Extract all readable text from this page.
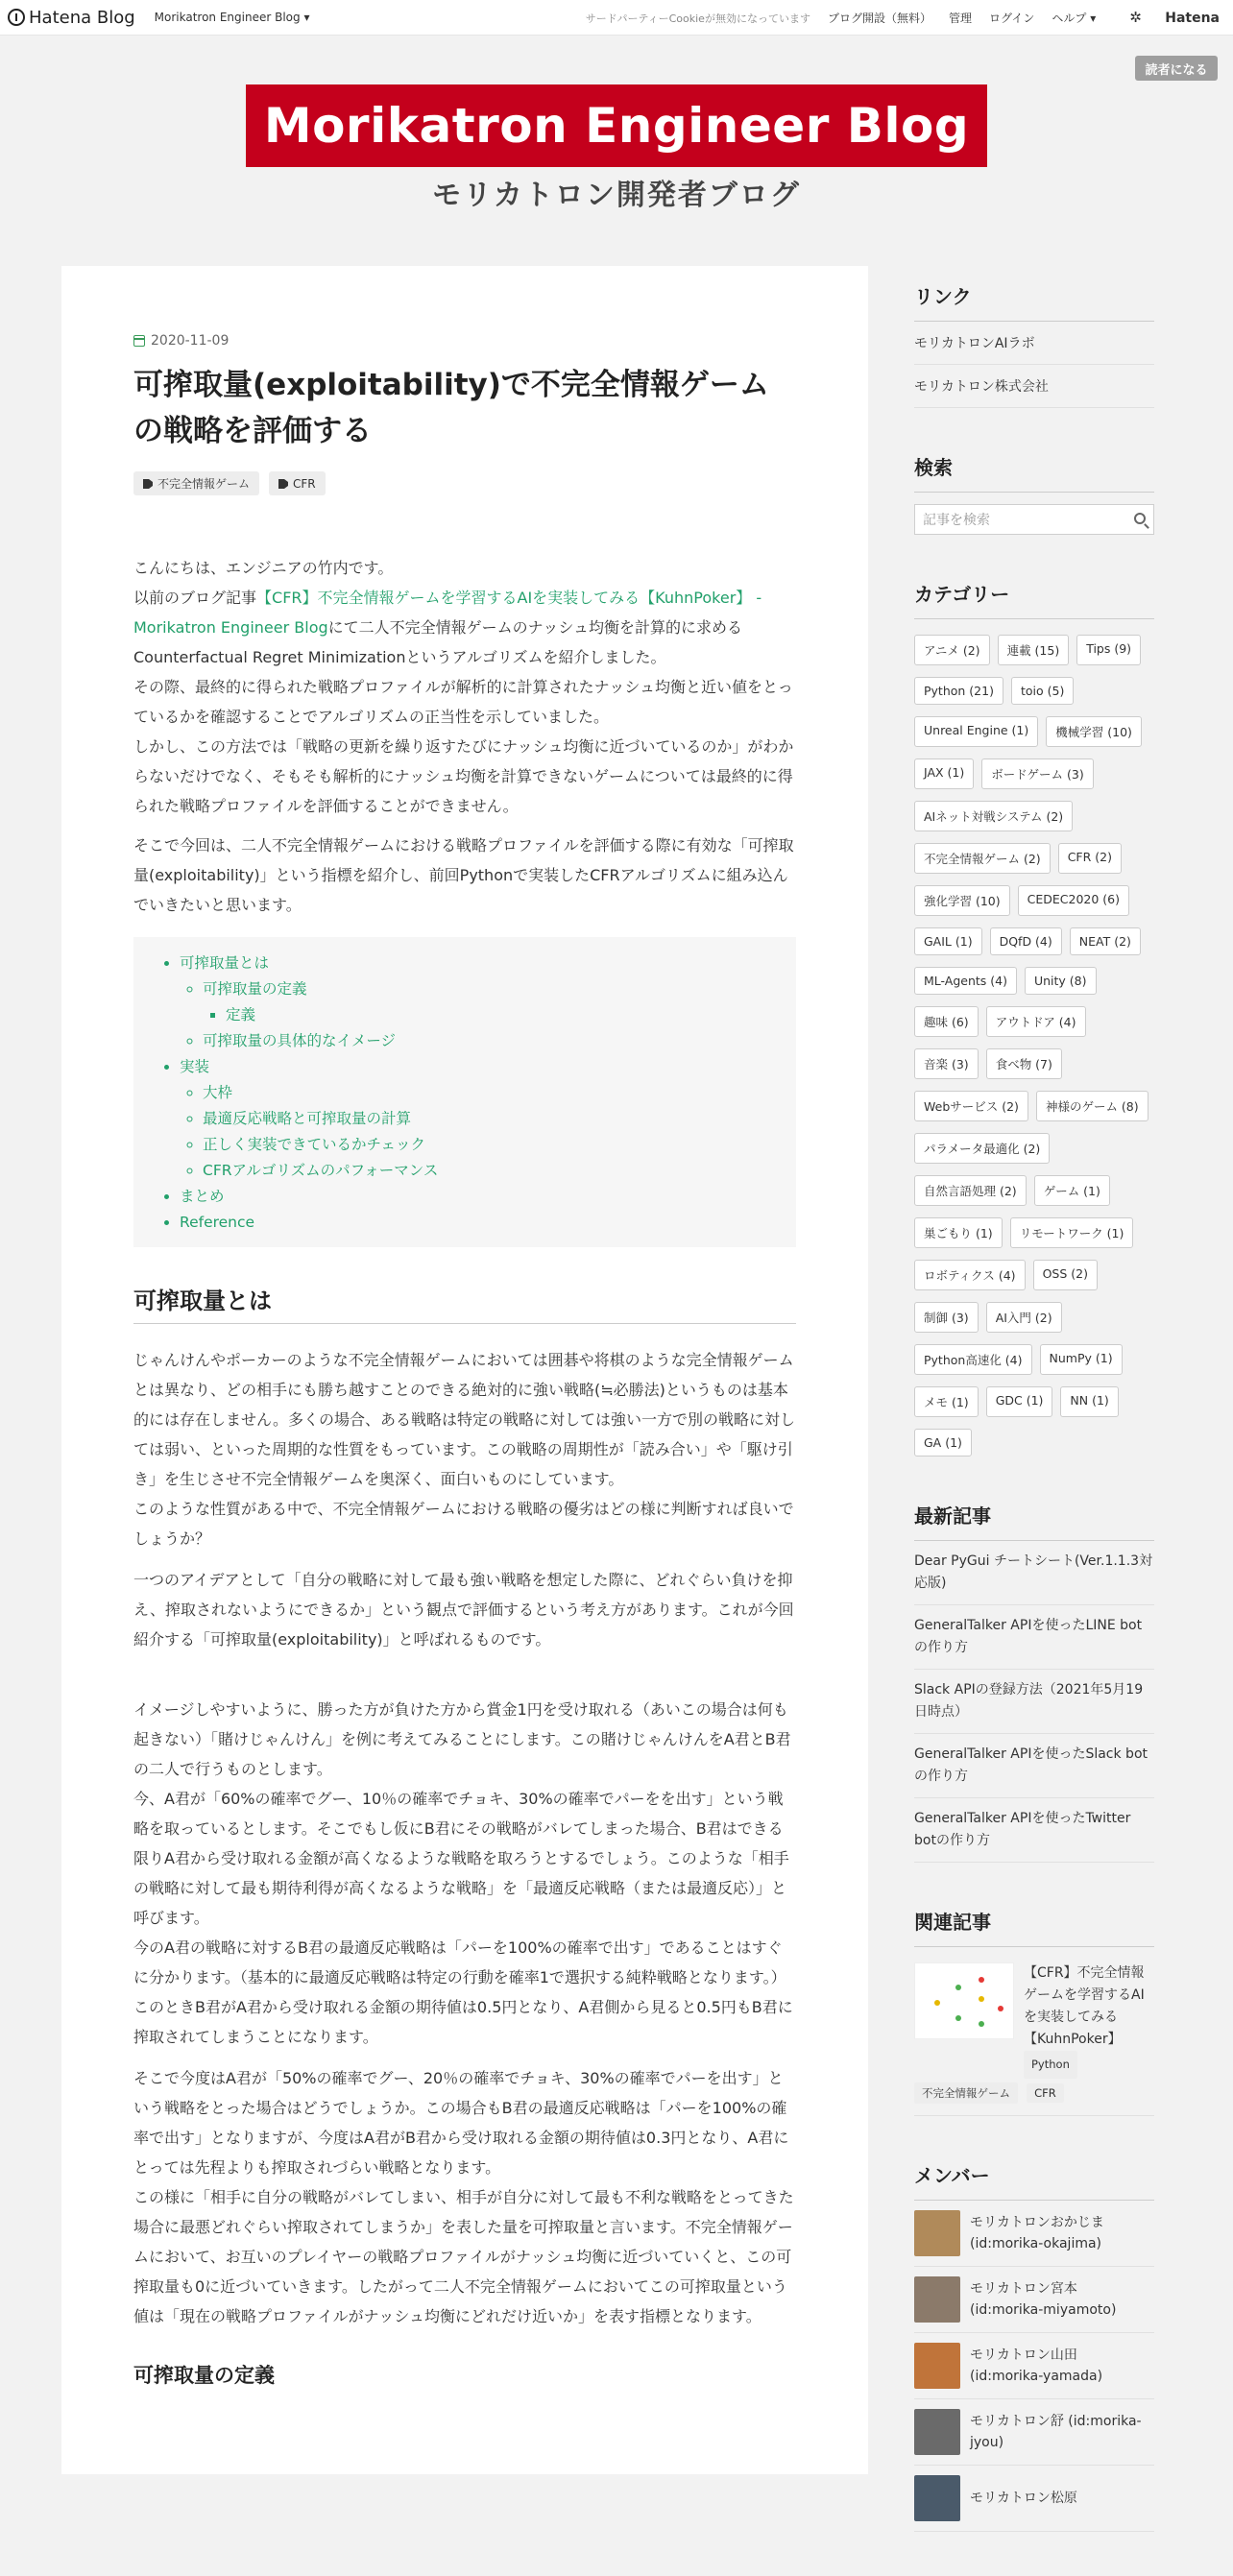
Hatena Blog Morikatron Engineer Blog ▾	サードパーティーCookieが無効になっています ブログ開設（無料） 管理 ログイン ヘルプ ▾
✲	Hatena
読者になる
Morikatron Engineer Blog
モリカトロン開発者ブログ
2020-11-09
可搾取量(exploitability)で不完全情報ゲームの戦略を評価する
不完全情報ゲーム	CFR
こんにちは、エンジニアの竹内です。
以前のブログ記事【CFR】不完全情報ゲームを学習するAIを実装してみる【KuhnPoker】 - Morikatron Engineer Blogにて二人不完全情報ゲームのナッシュ均衡を計算的に求めるCounterfactual Regret Minimizationというアルゴリズムを紹介しました。
その際、最終的に得られた戦略プロファイルが解析的に計算されたナッシュ均衡と近い値をとっているかを確認することでアルゴリズムの正当性を示していました。
しかし、この方法では「戦略の更新を繰り返すたびにナッシュ均衡に近づいているのか」がわからないだけでなく、そもそも解析的にナッシュ均衡を計算できないゲームについては最終的に得られた戦略プロファイルを評価することができません。
そこで今回は、二人不完全情報ゲームにおける戦略プロファイルを評価する際に有効な「可搾取量(exploitability)」という指標を紹介し、前回Pythonで実装したCFRアルゴリズムに組み込んでいきたいと思います。
• 可搾取量とは
◦ 可搾取量の定義
▪ 定義
◦ 可搾取量の具体的なイメージ
• 実装
◦ 大枠
◦ 最適反応戦略と可搾取量の計算
◦ 正しく実装できているかチェック
◦ CFRアルゴリズムのパフォーマンス
• まとめ
• Reference
可搾取量とは
じゃんけんやポーカーのような不完全情報ゲームにおいては囲碁や将棋のような完全情報ゲームとは異なり、どの相手にも勝ち越すことのできる絶対的に強い戦略(≒必勝法)というものは基本的には存在しません。多くの場合、ある戦略は特定の戦略に対しては強い一方で別の戦略に対しては弱い、といった周期的な性質をもっています。この戦略の周期性が「読み合い」や「駆け引き」を生じさせ不完全情報ゲームを奥深く、面白いものにしています。
このような性質がある中で、不完全情報ゲームにおける戦略の優劣はどの様に判断すれば良いでしょうか？
一つのアイデアとして「自分の戦略に対して最も強い戦略を想定した際に、どれぐらい負けを抑え、搾取されないようにできるか」という観点で評価するという考え方があります。これが今回紹介する「可搾取量(exploitability)」と呼ばれるものです。
イメージしやすいように、勝った方が負けた方から賞金1円を受け取れる（あいこの場合は何も起きない）「賭けじゃんけん」を例に考えてみることにします。この賭けじゃんけんをA君とB君の二人で行うものとします。
今、A君が「60%の確率でグー、10％の確率でチョキ、30%の確率でパーをを出す」という戦略を取っているとします。そこでもし仮にB君にその戦略がバレてしまった場合、B君はできる限りA君から受け取れる金額が高くなるような戦略を取ろうとするでしょう。このような「相手の戦略に対して最も期待利得が高くなるような戦略」を「最適反応戦略（または最適反応）」と呼びます。
今のA君の戦略に対するB君の最適反応戦略は「パーを100%の確率で出す」であることはすぐに分かります。（基本的に最適反応戦略は特定の行動を確率1で選択する純粋戦略となります。）このときB君がA君から受け取れる金額の期待値は0.5円となり、A君側から見ると0.5円もB君に搾取されてしまうことになります。
そこで今度はA君が「50%の確率でグー、20％の確率でチョキ、30%の確率でパーを出す」という戦略をとった場合はどうでしょうか。この場合もB君の最適反応戦略は「パーを100%の確率で出す」となりますが、今度はA君がB君から受け取れる金額の期待値は0.3円となり、A君にとっては先程よりも搾取されづらい戦略となります。
この様に「相手に自分の戦略がバレてしまい、相手が自分に対して最も不利な戦略をとってきた場合に最悪どれぐらい搾取されてしまうか」を表した量を可搾取量と言います。不完全情報ゲームにおいて、お互いのプレイヤーの戦略プロファイルがナッシュ均衡に近づいていくと、この可搾取量も0に近づいていきます。したがって二人不完全情報ゲームにおいてこの可搾取量という値は「現在の戦略プロファイルがナッシュ均衡にどれだけ近いか」を表す指標となります。
可搾取量の定義
リンク
モリカトロンAIラボ
モリカトロン株式会社
検索
記事を検索
カテゴリー
アニメ (2)	連載 (15)	Tips (9)
Python (21)	toio (5)
Unreal Engine (1)	機械学習 (10)
JAX (1)	ボードゲーム (3)
AIネット対戦システム (2)
不完全情報ゲーム (2)	CFR (2)
強化学習 (10)	CEDEC2020 (6)
GAIL (1)	DQfD (4)	NEAT (2)
ML-Agents (4)	Unity (8)
趣味 (6)	アウトドア (4)
音楽 (3)	食べ物 (7)
Webサービス (2)	神様のゲーム (8)
パラメータ最適化 (2)
自然言語処理 (2)	ゲーム (1)
巣ごもり (1)	リモートワーク (1)
ロボティクス (4)	OSS (2)
制御 (3)	AI入門 (2)
Python高速化 (4)	NumPy (1)
メモ (1)	GDC (1)	NN (1)
GA (1)
最新記事
Dear PyGui チートシート(Ver.1.1.3対応版)
GeneralTalker APIを使ったLINE botの作り方
Slack APIの登録方法（2021年5月19日時点）
GeneralTalker APIを使ったSlack botの作り方
GeneralTalker APIを使ったTwitter botの作り方
関連記事
【CFR】不完全情報ゲームを学習するAIを実装してみる【KuhnPoker】
Python
不完全情報ゲーム CFR
メンバー
モリカトロンおかじま (id:morika-okajima)
モリカトロン宮本 (id:morika-miyamoto)
モリカトロン山田 (id:morika-yamada)
モリカトロン舒 (id:morika-jyou)
モリカトロン松原
